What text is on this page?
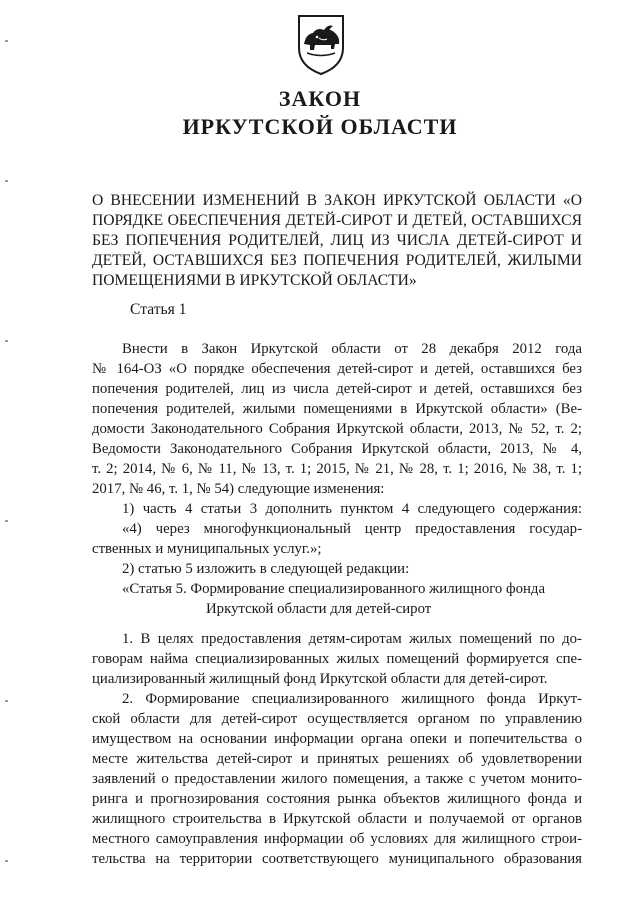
ЗАКОН
ИРКУТСКОЙ ОБЛАСТИ
О ВНЕСЕНИИ ИЗМЕНЕНИЙ В ЗАКОН ИРКУТСКОЙ ОБЛАСТИ «О
ПОРЯДКЕ ОБЕСПЕЧЕНИЯ ДЕТЕЙ-СИРОТ И ДЕТЕЙ, ОСТАВШИХСЯ
БЕЗ ПОПЕЧЕНИЯ РОДИТЕЛЕЙ, ЛИЦ ИЗ ЧИСЛА ДЕТЕЙ-СИРОТ И
ДЕТЕЙ, ОСТАВШИХСЯ БЕЗ ПОПЕЧЕНИЯ РОДИТЕЛЕЙ, ЖИЛЫМИ
ПОМЕЩЕНИЯМИ В ИРКУТСКОЙ ОБЛАСТИ»
Статья 1
Внести в Закон Иркутской области от 28 декабря 2012 года
№ 164-ОЗ «О порядке обеспечения детей-сирот и детей, оставшихся без
попечения родителей, лиц из числа детей-сирот и детей, оставшихся без
попечения родителей, жилыми помещениями в Иркутской области» (Ве-
домости Законодательного Собрания Иркутской области, 2013, № 52, т. 2;
Ведомости Законодательного Собрания Иркутской области, 2013, № 4,
т. 2; 2014, № 6, № 11, № 13, т. 1; 2015, № 21, № 28, т. 1; 2016, № 38, т. 1;
2017, № 46, т. 1, № 54) следующие изменения:
1) часть 4 статьи 3 дополнить пунктом 4 следующего содержания:
«4) через многофункциональный центр предоставления государ-
ственных и муниципальных услуг.»;
2) статью 5 изложить в следующей редакции:
«Статья 5. Формирование специализированного жилищного фонда
Иркутской области для детей-сирот
1. В целях предоставления детям-сиротам жилых помещений по до-
говорам найма специализированных жилых помещений формируется спе-
циализированный жилищный фонд Иркутской области для детей-сирот.
2. Формирование специализированного жилищного фонда Иркут-
ской области для детей-сирот осуществляется органом по управлению
имуществом на основании информации органа опеки и попечительства о
месте жительства детей-сирот и принятых решениях об удовлетворении
заявлений о предоставлении жилого помещения, а также с учетом монито-
ринга и прогнозирования состояния рынка объектов жилищного фонда и
жилищного строительства в Иркутской области и получаемой от органов
местного самоуправления информации об условиях для жилищного строи-
тельства на территории соответствующего муниципального образования
